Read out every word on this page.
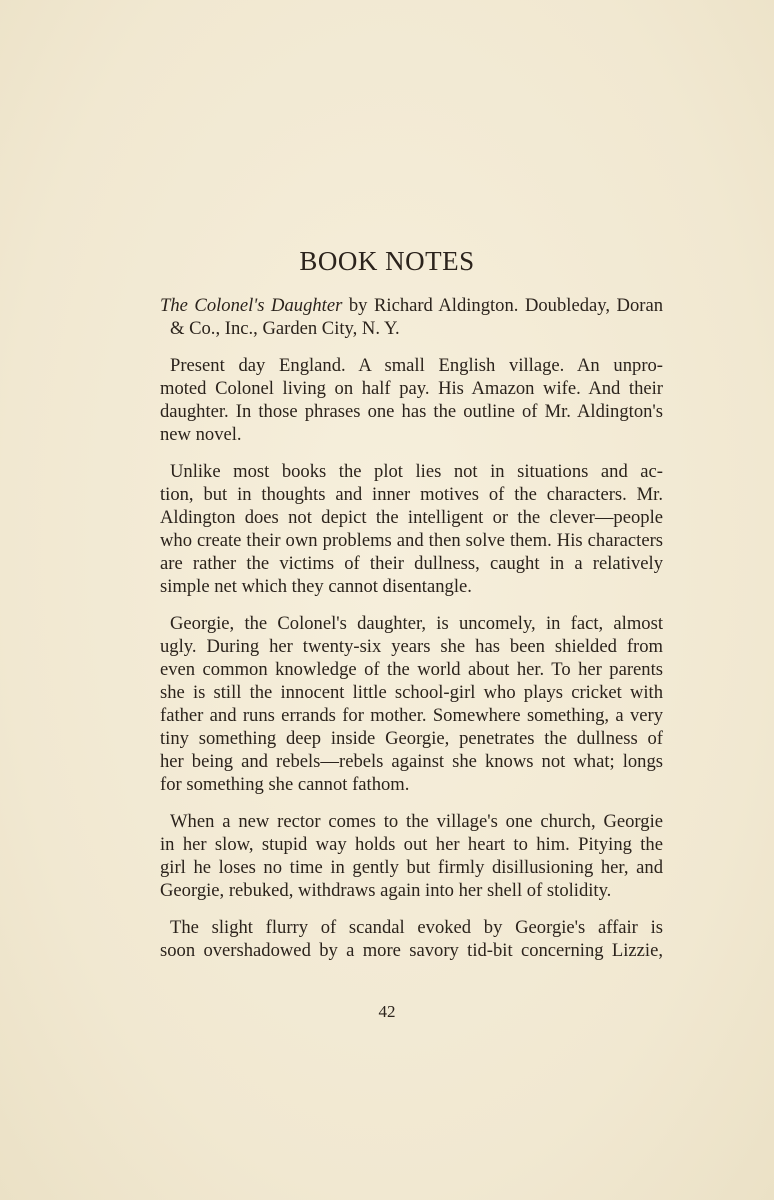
BOOK NOTES
The Colonel's Daughter by Richard Aldington. Doubleday, Doran
& Co., Inc., Garden City, N. Y.
Present day England. A small English village. An unpro-
moted Colonel living on half pay. His Amazon wife. And their
daughter. In those phrases one has the outline of Mr. Aldington's
new novel.
Unlike most books the plot lies not in situations and ac-
tion, but in thoughts and inner motives of the characters. Mr.
Aldington does not depict the intelligent or the clever—people
who create their own problems and then solve them. His characters
are rather the victims of their dullness, caught in a relatively
simple net which they cannot disentangle.
Georgie, the Colonel's daughter, is uncomely, in fact, almost
ugly. During her twenty-six years she has been shielded from
even common knowledge of the world about her. To her parents
she is still the innocent little school-girl who plays cricket with
father and runs errands for mother. Somewhere something, a very
tiny something deep inside Georgie, penetrates the dullness of
her being and rebels—rebels against she knows not what; longs
for something she cannot fathom.
When a new rector comes to the village's one church, Georgie
in her slow, stupid way holds out her heart to him. Pitying the
girl he loses no time in gently but firmly disillusioning her, and
Georgie, rebuked, withdraws again into her shell of stolidity.
The slight flurry of scandal evoked by Georgie's affair is
soon overshadowed by a more savory tid-bit concerning Lizzie,
42
